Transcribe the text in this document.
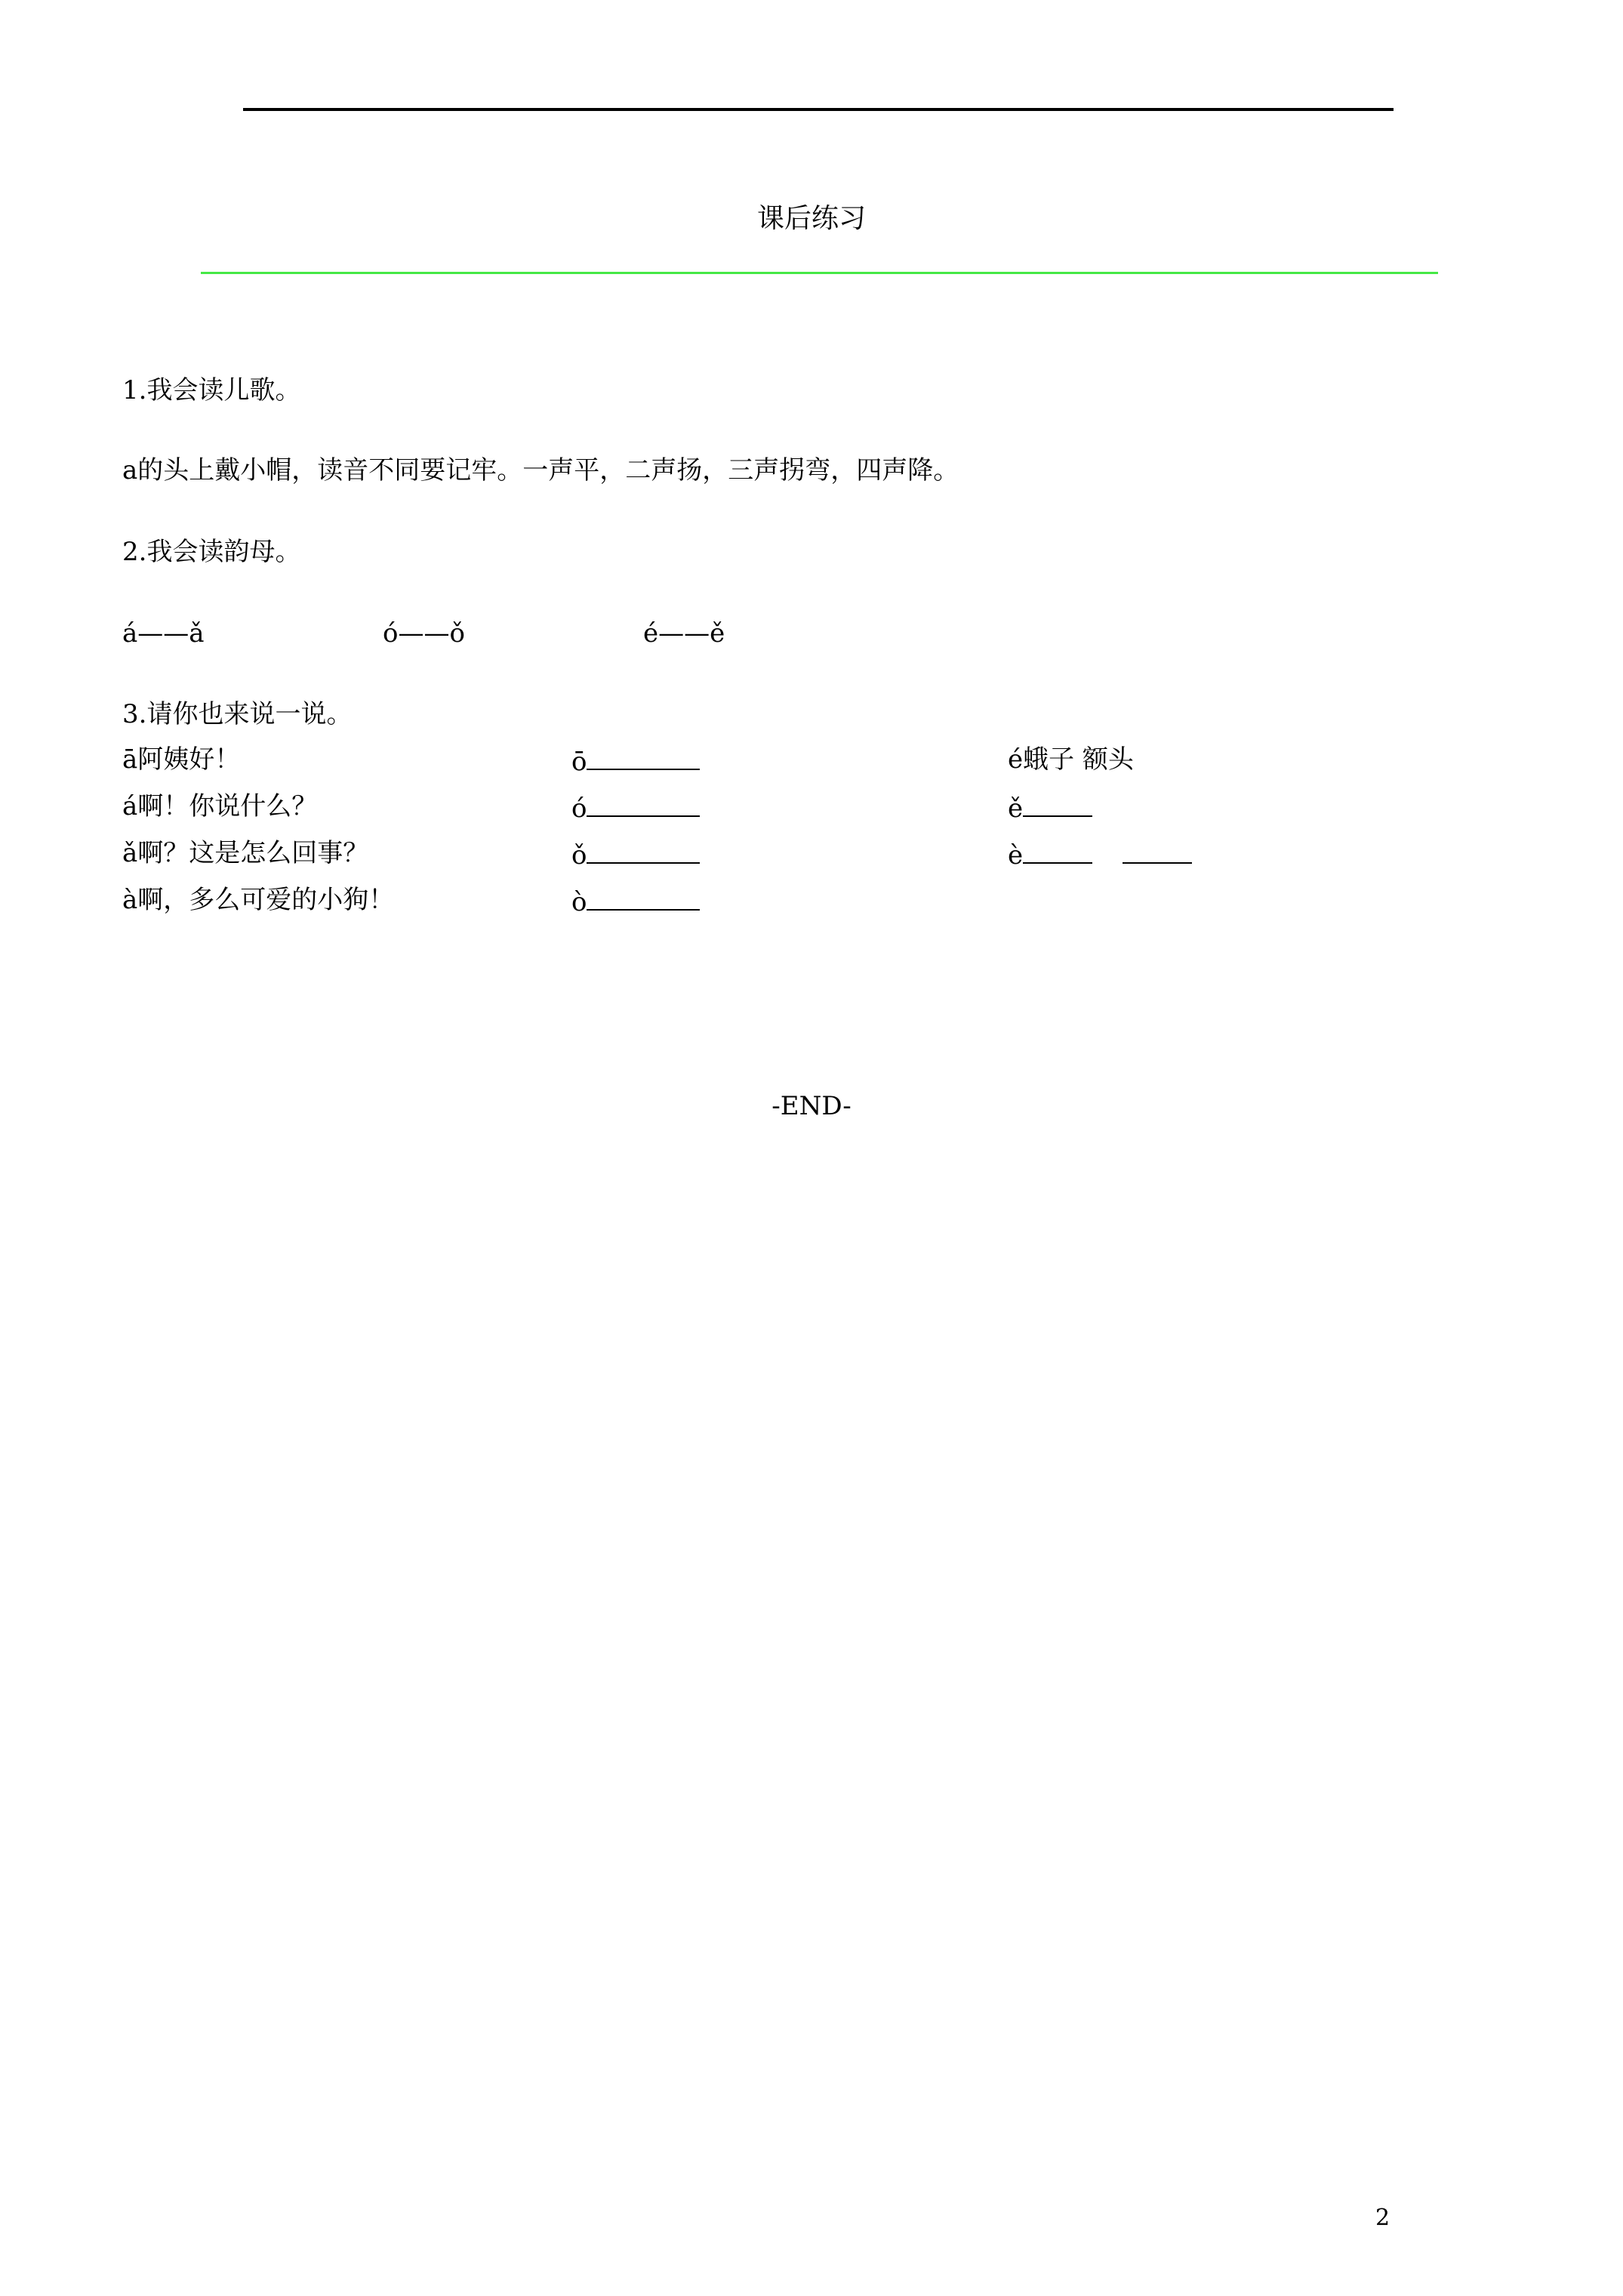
课后练习
1.我会读儿歌。
a的头上戴小帽，读音不同要记牢。一声平，二声扬，三声拐弯，四声降。
2.我会读韵母。
á——ǎ	ó——ǒ	é——ě
3.请你也来说一说。
ā阿姨好！
á啊！你说什么？
ǎ啊？这是怎么回事？
à啊，多么可爱的小狗！
ō
ó
ǒ
ò
é蛾子 额头
ě
è
-END-
2
